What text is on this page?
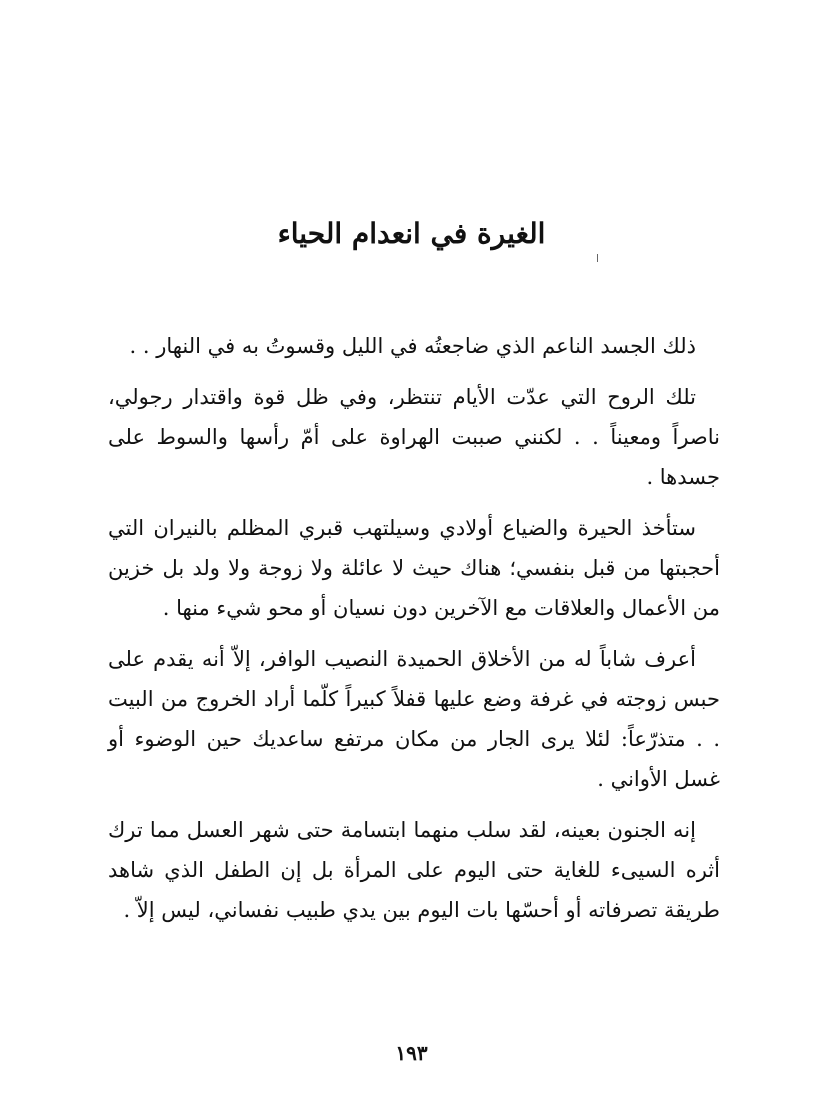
الغيرة في انعدام الحياء

ذلك الجسد الناعم الذي ضاجعتُه في الليل وقسوتُ به في النهار . .

تلك الروح التي عدّت الأيام تنتظر، وفي ظل قوة واقتدار رجولي، ناصراً ومعيناً . . لكنني صببت الهراوة على أمّ رأسها والسوط على جسدها .

ستأخذ الحيرة والضياع أولادي وسيلتهب قبري المظلم بالنيران التي أحجبتها من قبل بنفسي؛ هناك حيث لا عائلة ولا زوجة ولا ولد بل خزين من الأعمال والعلاقات مع الآخرين دون نسيان أو محو شيء منها .

أعرف شاباً له من الأخلاق الحميدة النصيب الوافر، إلاّ أنه يقدم على حبس زوجته في غرفة وضع عليها قفلاً كبيراً كلّما أراد الخروج من البيت . . متذرّعاً: لئلا يرى الجار من مكان مرتفع ساعديك حين الوضوء أو غسل الأواني .

إنه الجنون بعينه، لقد سلب منهما ابتسامة حتى شهر العسل مما ترك أثره السيىء للغاية حتى اليوم على المرأة بل إن الطفل الذي شاهد طريقة تصرفاته أو أحسّها بات اليوم بين يدي طبيب نفساني، ليس إلاّ .

١٩٣
